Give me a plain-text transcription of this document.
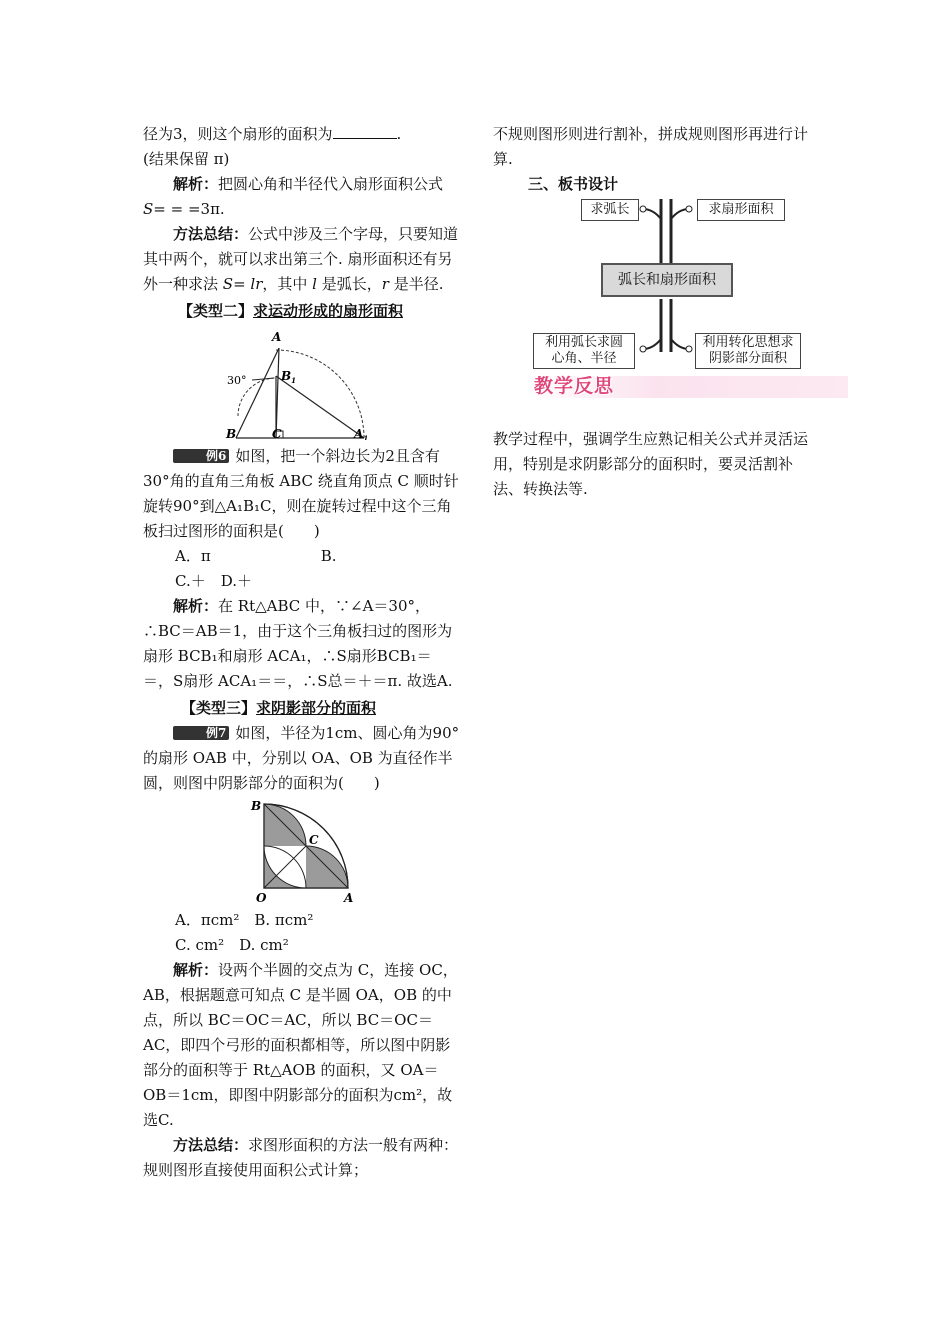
径为3，则这个扇形的面积为	.

(结果保留 π)

解析：把圆心角和半径代入扇形面积公式 S= = =3π.

方法总结：公式中涉及三个字母，只要知道其中两个，就可以求出第三个. 扇形面积还有另外一种求法 S= lr，其中 l 是弧长，r 是半径.

【类型二】求运动形成的扇形面积

A
30°	$B_1$
B	C	$A_1$

例6 如图，把一个斜边长为2且含有30°角的直角三角板 ABC 绕直角顶点 C 顺时针旋转90°到△A₁B₁C，则在旋转过程中这个三角板扫过图形的面积是(　　)

A．π	B.

C.＋　D.＋

解析：在 Rt△ABC 中，∵∠A＝30°，∴BC＝AB＝1，由于这个三角板扫过的图形为扇形 BCB₁和扇形 ACA₁，∴S扇形BCB₁＝＝，S扇形 ACA₁＝＝，∴S总＝＋＝π. 故选A.

【类型三】求阴影部分的面积

例7 如图，半径为1cm、圆心角为90°的扇形 OAB 中，分别以 OA、OB 为直径作半圆，则图中阴影部分的面积为(　　)

B
C
O	A

A．πcm²　B. πcm²

C. cm²　D. cm²

解析：设两个半圆的交点为 C，连接 OC，AB，根据题意可知点 C 是半圆 OA，OB 的中点，所以 BC＝OC＝AC，所以 BC＝OC＝AC，即四个弓形的面积都相等，所以图中阴影部分的面积等于 Rt△AOB 的面积，又 OA＝OB＝1cm，即图中阴影部分的面积为cm²，故选C.

方法总结：求图形面积的方法一般有两种：规则图形直接使用面积公式计算；

不规则图形则进行割补，拼成规则图形再进行计算.

三、板书设计

求弧长	求扇形面积
弧长和扇形面积
利用弧长求圆心角、半径
利用转化思想求阴影部分面积
教学反思

教学过程中，强调学生应熟记相关公式并灵活运用，特别是求阴影部分的面积时，要灵活割补法、转换法等.
